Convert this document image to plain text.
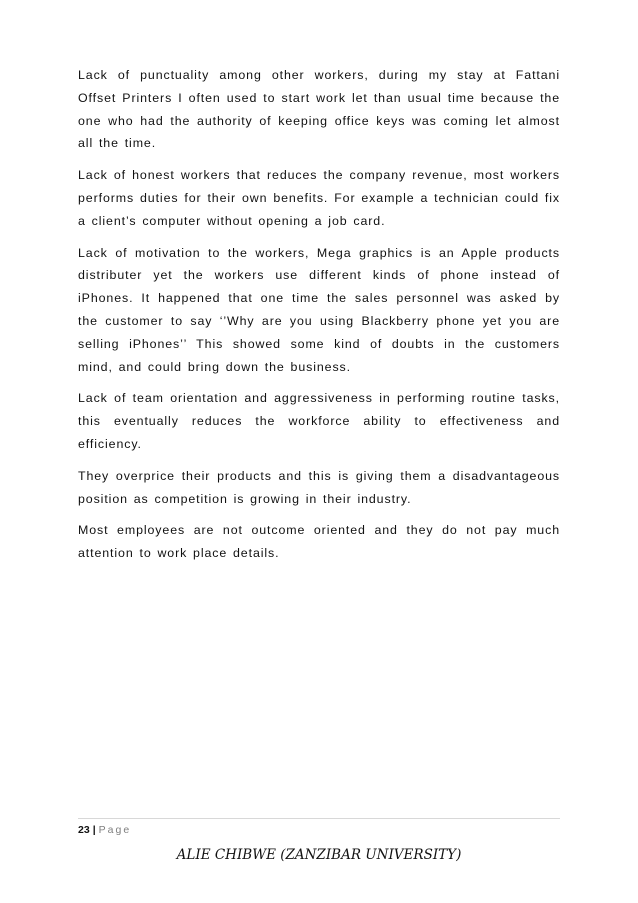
Lack of punctuality among other workers, during my stay at Fattani Offset Printers I often used to start work let than usual time because the one who had the authority of keeping office keys was coming let almost all the time.

Lack of honest workers that reduces the company revenue, most workers performs duties for their own benefits. For example a technician could fix a client’s computer without opening a job card.

Lack of motivation to the workers, Mega graphics is an Apple products distributer yet the workers use different kinds of phone instead of iPhones. It happened that one time the sales personnel was asked by the customer to say ‘’Why are you using Blackberry phone yet you are selling iPhones’’ This showed some kind of doubts in the customers mind, and could bring down the business.

Lack of team orientation and aggressiveness in performing routine tasks, this eventually reduces the workforce ability to effectiveness and efficiency.

They overprice their products and this is giving them a disadvantageous position as competition is growing in their industry.

Most employees are not outcome oriented and they do not pay much attention to work place details.

23 | Page
ALIE CHIBWE (ZANZIBAR UNIVERSITY)
